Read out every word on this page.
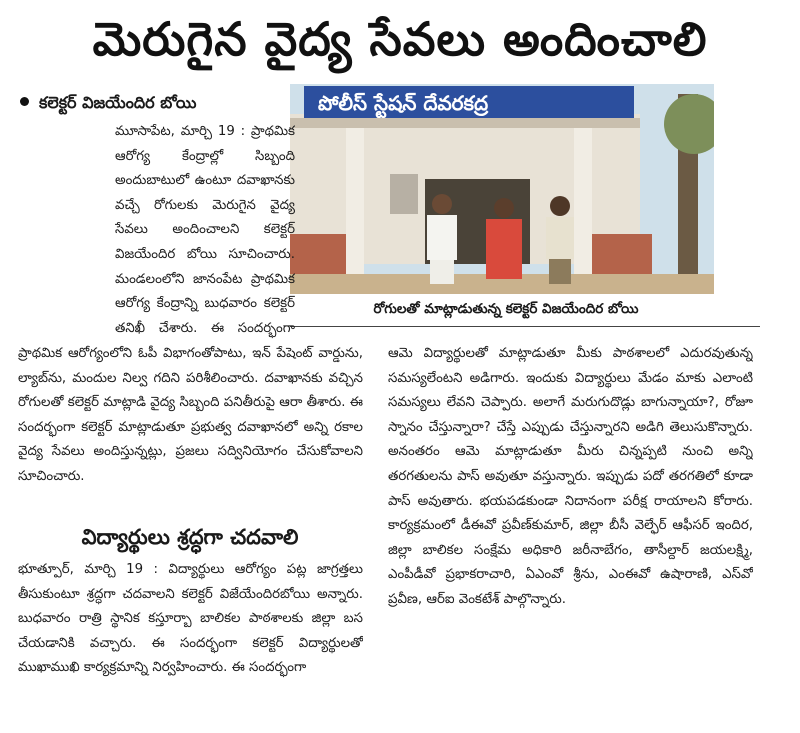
మెరుగైన వైద్య సేవలు అందించాలి
కలెక్టర్ విజయేందిర బోయి	పోలీస్ స్టేషన్ దేవరకద్ర
రోగులతో మాట్లాడుతున్న కలెక్టర్ విజయేందిర బోయి
మూసాపేట, మార్చి 19 : ప్రాథమిక ఆరోగ్య కేంద్రాల్లో సిబ్బంది అందుబాటులో ఉంటూ దవాఖానకు వచ్చే రోగులకు మెరుగైన వైద్య సేవలు అందించాలని కలెక్టర్ విజయేందిర బోయి సూచించారు. మండలంలోని జానంపేట ప్రాథమిక ఆరోగ్య కేంద్రాన్ని బుధవారం కలెక్టర్ తనిఖీ చేశారు. ఈ సందర్భంగా
ప్రాథమిక ఆరోగ్యంలోని ఓపీ విభాగంతోపాటు, ఇన్ పేషెంట్ వార్డును, ల్యాబ్‌ను, మందుల నిల్వ గదిని పరిశీలించారు. దవాఖానకు వచ్చిన రోగులతో కలెక్టర్ మాట్లాడి వైద్య సిబ్బంది పనితీరుపై ఆరా తీశారు. ఈ సందర్భంగా కలెక్టర్ మాట్లాడుతూ ప్రభుత్వ దవాఖానలో అన్ని రకాల వైద్య సేవలు అందిస్తున్నట్లు, ప్రజలు సద్వినియోగం చేసుకోవాలని సూచించారు.
విద్యార్థులు శ్రద్ధగా చదవాలి
భూత్పూర్, మార్చి 19 : విద్యార్థులు ఆరోగ్యం పట్ల జాగ్రత్తలు తీసుకుంటూ శ్రద్ధగా చదవాలని కలెక్టర్ విజేయేందిరబోయి అన్నారు. బుధవారం రాత్రి స్థానిక కస్తూర్బా బాలికల పాఠశాలకు జిల్లా బస చేయడానికి వచ్చారు. ఈ సందర్భంగా కలెక్టర్ విద్యార్థులతో ముఖాముఖి కార్యక్రమాన్ని నిర్వహించారు. ఈ సందర్భంగా
ఆమె విద్యార్థులతో మాట్లాడుతూ మీకు పాఠశాలలో ఎదురవుతున్న సమస్యలేంటని అడిగారు. ఇందుకు విద్యార్థులు మేడం మాకు ఎలాంటి సమస్యలు లేవని చెప్పారు. అలాగే మరుగుదొడ్లు బాగున్నాయా?, రోజూ స్నానం చేస్తున్నారా? చేస్తే ఎప్పుడు చేస్తున్నారని అడిగి తెలుసుకొన్నారు. అనంతరం ఆమె మాట్లాడుతూ మీరు చిన్నప్పటి నుంచి అన్ని తరగతులను పాస్ అవుతూ వస్తున్నారు. ఇప్పుడు పదో తరగతిలో కూడా పాస్ అవుతారు. భయపడకుండా నిదానంగా పరీక్ష రాయాలని కోరారు. కార్యక్రమంలో డీఈవో ప్రవీణ్‌కుమార్, జిల్లా బీసీ వెల్ఫేర్ ఆఫీసర్ ఇందిర, జిల్లా బాలికల సంక్షేమ అధికారి జరీనాబేగం, తాసీల్దార్ జయలక్ష్మి, ఎంపీడీవో ప్రభాకరాచారి, ఏఎంవో శ్రీను, ఎంఈవో ఉషారాణి, ఎస్‌వో ప్రవీణ, ఆర్ఐ వెంకటేశ్ పాల్గొన్నారు.
